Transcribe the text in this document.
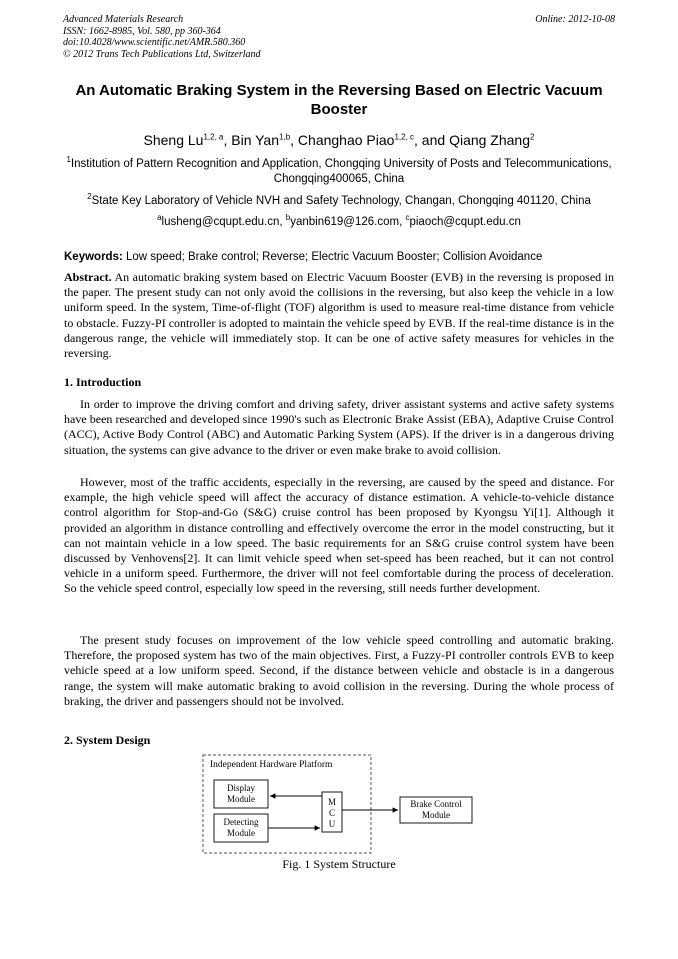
Advanced Materials Research
ISSN: 1662-8985, Vol. 580, pp 360-364
doi:10.4028/www.scientific.net/AMR.580.360
© 2012 Trans Tech Publications Ltd, Switzerland
Online: 2012-10-08
An Automatic Braking System in the Reversing Based on Electric Vacuum Booster
Sheng Lu$^{1,2, a}$, Bin Yan$^{1,b}$, Changhao Piao$^{1,2, c}$, and Qiang Zhang$^2$
$^1$Institution of Pattern Recognition and Application, Chongqing University of Posts and Telecommunications, Chongqing400065, China
$^2$State Key Laboratory of Vehicle NVH and Safety Technology, Changan, Chongqing 401120, China
$^a$lusheng@cqupt.edu.cn, $^b$yanbin619@126.com, $^c$piaoch@cqupt.edu.cn
Keywords: Low speed; Brake control; Reverse; Electric Vacuum Booster; Collision Avoidance
Abstract. An automatic braking system based on Electric Vacuum Booster (EVB) in the reversing is proposed in the paper. The present study can not only avoid the collisions in the reversing, but also keep the vehicle in a low uniform speed. In the system, Time-of-flight (TOF) algorithm is used to measure real-time distance from vehicle to obstacle. Fuzzy-PI controller is adopted to maintain the vehicle speed by EVB. If the real-time distance is in the dangerous range, the vehicle will immediately stop. It can be one of active safety measures for vehicles in the reversing.
1. Introduction
In order to improve the driving comfort and driving safety, driver assistant systems and active safety systems have been researched and developed since 1990's such as Electronic Brake Assist (EBA), Adaptive Cruise Control (ACC), Active Body Control (ABC) and Automatic Parking System (APS). If the driver is in a dangerous driving situation, the systems can give advance to the driver or even make brake to avoid collision.
However, most of the traffic accidents, especially in the reversing, are caused by the speed and distance. For example, the high vehicle speed will affect the accuracy of distance estimation. A vehicle-to-vehicle distance control algorithm for Stop-and-Go (S&G) cruise control has been proposed by Kyongsu Yi[1]. Although it provided an algorithm in distance controlling and effectively overcome the error in the model constructing, but it can not maintain vehicle in a low speed. The basic requirements for an S&G cruise control system have been discussed by Venhovens[2]. It can limit vehicle speed when set-speed has been reached, but it can not control vehicle in a uniform speed. Furthermore, the driver will not feel comfortable during the process of deceleration. So the vehicle speed control, especially low speed in the reversing, still needs further development.
The present study focuses on improvement of the low vehicle speed controlling and automatic braking. Therefore, the proposed system has two of the main objectives. First, a Fuzzy-PI controller controls EVB to keep vehicle speed at a low uniform speed. Second, if the distance between vehicle and obstacle is in a dangerous range, the system will make automatic braking to avoid collision in the reversing. During the whole process of braking, the driver and passengers should not be involved.
2. System Design
Independent Hardware Platform
Display
Module
Detecting
Module
M
C
U
Brake Control
Module
Fig. 1 System Structure
